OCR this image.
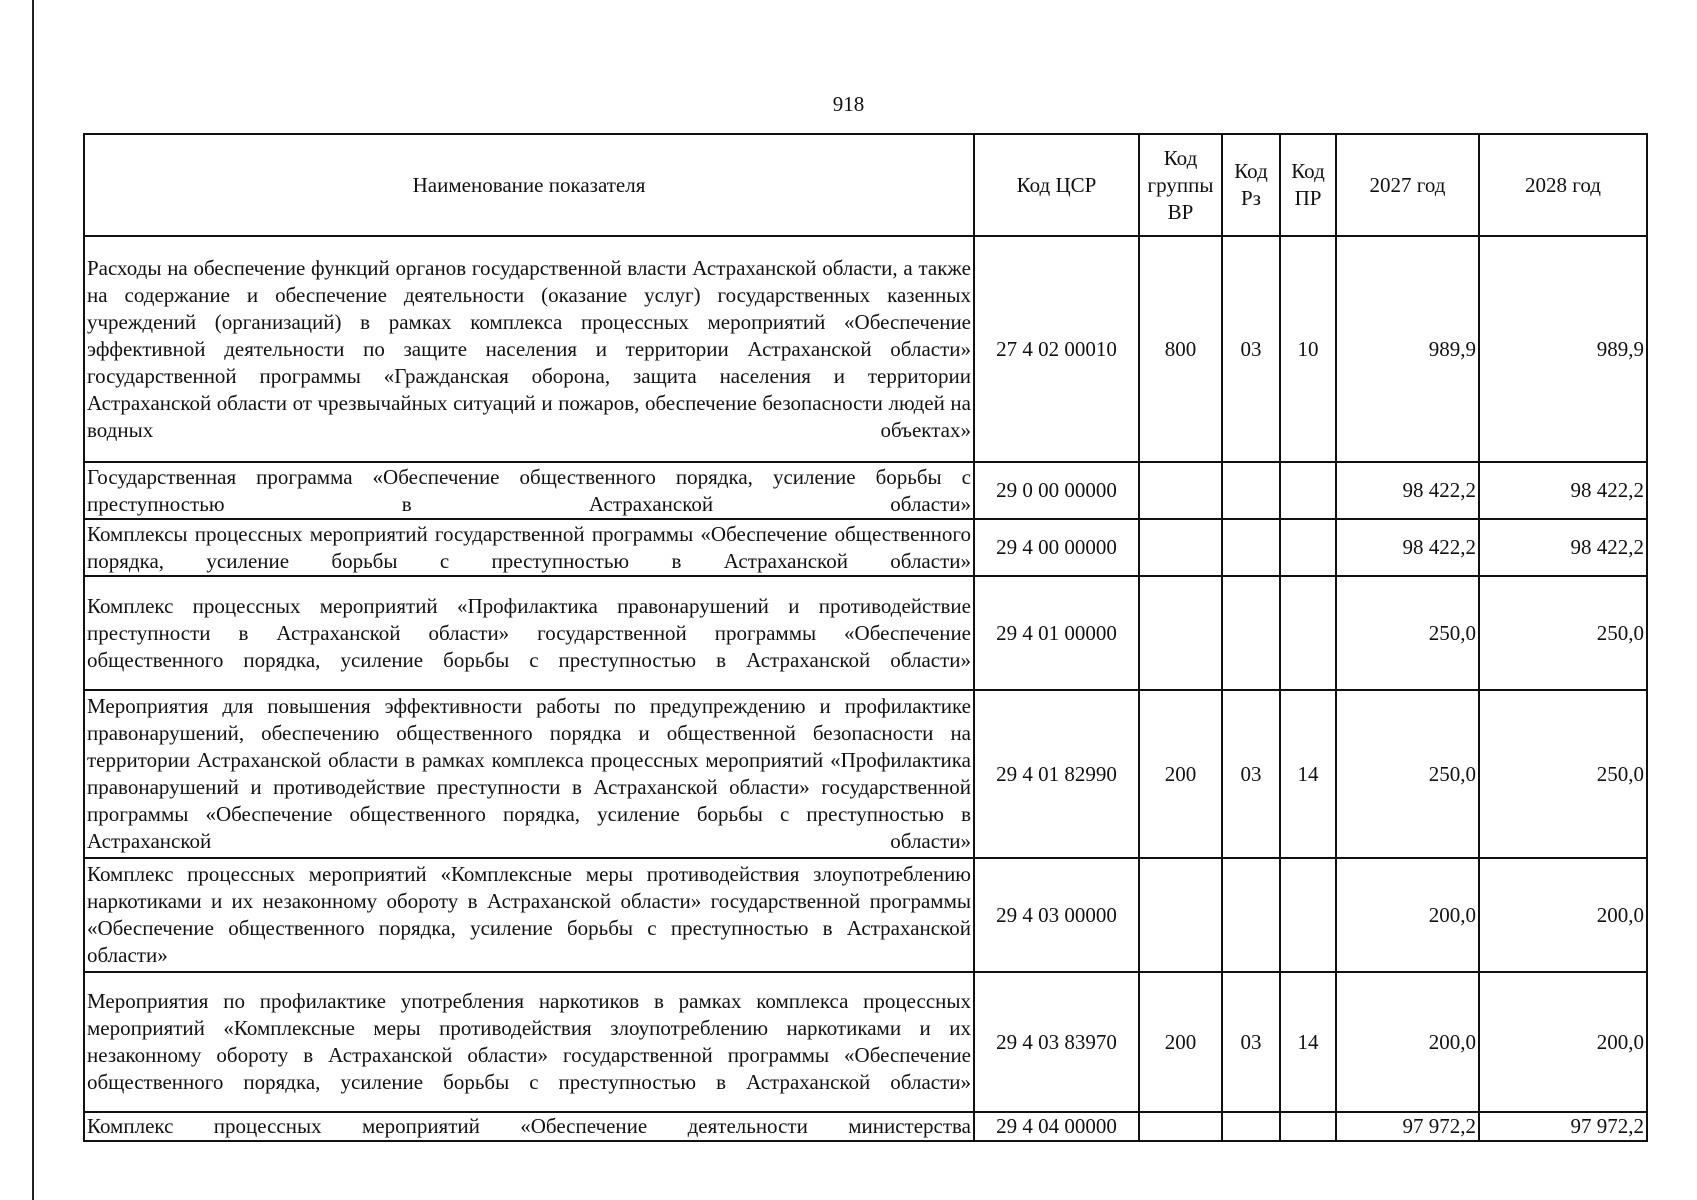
918
Наименование показателя	Код ЦСР	Код группы ВР	Код Рз	Код ПР	2027 год	2028 год

Расходы на обеспечение функций органов государственной власти Астраханской области, а также на содержание и обеспечение деятельности (оказание услуг) государственных казенных учреждений (организаций) в рамках комплекса процессных мероприятий «Обеспечение эффективной деятельности по защите населения и территории Астраханской области» государственной программы «Гражданская оборона, защита населения и территории Астраханской области от чрезвычайных ситуаций и пожаров, обеспечение безопасности людей на водных объектах»	27 4 02 00010	800	03	10	989,9	989,9

Государственная программа «Обеспечение общественного порядка, усиление борьбы с преступностью в Астраханской области»	29 0 00 00000				98 422,2	98 422,2

Комплексы процессных мероприятий государственной программы «Обеспечение общественного порядка, усиление борьбы с преступностью в Астраханской области»	29 4 00 00000				98 422,2	98 422,2

Комплекс процессных мероприятий «Профилактика правонарушений и противодействие преступности в Астраханской области» государственной программы «Обеспечение общественного порядка, усиление борьбы с преступностью в Астраханской области»	29 4 01 00000				250,0	250,0

Мероприятия для повышения эффективности работы по предупреждению и профилактике правонарушений, обеспечению общественного порядка и общественной безопасности на территории Астраханской области в рамках комплекса процессных мероприятий «Профилактика правонарушений и противодействие преступности в Астраханской области» государственной программы «Обеспечение общественного порядка, усиление борьбы с преступностью в Астраханской области»	29 4 01 82990	200	03	14	250,0	250,0

Комплекс процессных мероприятий «Комплексные меры противодействия злоупотреблению наркотиками и их незаконному обороту в Астраханской области» государственной программы «Обеспечение общественного порядка, усиление борьбы с преступностью в Астраханской области»	29 4 03 00000				200,0	200,0

Мероприятия по профилактике употребления наркотиков в рамках комплекса процессных мероприятий «Комплексные меры противодействия злоупотреблению наркотиками и их незаконному обороту в Астраханской области» государственной программы «Обеспечение общественного порядка, усиление борьбы с преступностью в Астраханской области»	29 4 03 83970	200	03	14	200,0	200,0

Комплекс процессных мероприятий «Обеспечение деятельности министерства	29 4 04 00000				97 972,2	97 972,2
